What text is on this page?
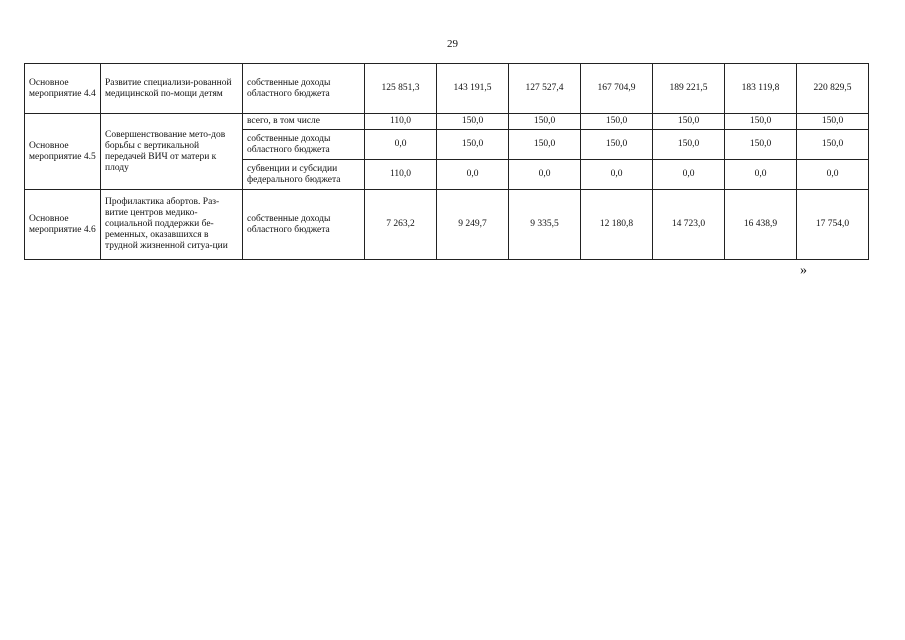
29
Основное мероприятие 4.4	Развитие специализи-рованной медицинской по-мощи детям	собственные доходы областного бюджета	125 851,3	143 191,5	127 527,4	167 704,9	189 221,5	183 119,8	220 829,5
Основное мероприятие 4.5	Совершенствование мето-дов борьбы с вертикальной передачей ВИЧ от матери к плоду	всего, в том числе	110,0	150,0	150,0	150,0	150,0	150,0	150,0
		собственные доходы областного бюджета	0,0	150,0	150,0	150,0	150,0	150,0	150,0
		субвенции и субсидии федерального бюджета	110,0	0,0	0,0	0,0	0,0	0,0	0,0
Основное мероприятие 4.6	Профилактика абортов. Раз-витие центров медико-социальной поддержки бе-ременных, оказавшихся в трудной жизненной ситуа-ции	собственные доходы областного бюджета	7 263,2	9 249,7	9 335,5	12 180,8	14 723,0	16 438,9	17 754,0
»
